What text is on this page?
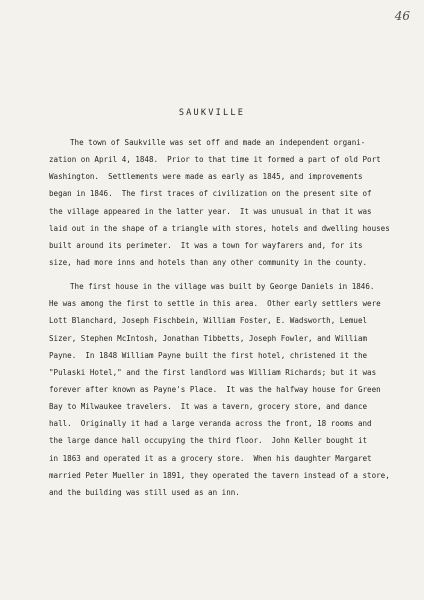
46
SAUKVILLE
The town of Saukville was set off and made an independent organi-
zation on April 4, 1848.  Prior to that time it formed a part of old Port
Washington.  Settlements were made as early as 1845, and improvements
began in 1846.  The first traces of civilization on the present site of
the village appeared in the latter year.  It was unusual in that it was
laid out in the shape of a triangle with stores, hotels and dwelling houses
built around its perimeter.  It was a town for wayfarers and, for its
size, had more inns and hotels than any other community in the county.
The first house in the village was built by George Daniels in 1846.
He was among the first to settle in this area.  Other early settlers were
Lott Blanchard, Joseph Fischbein, William Foster, E. Wadsworth, Lemuel
Sizer, Stephen McIntosh, Jonathan Tibbetts, Joseph Fowler, and William
Payne.  In 1848 William Payne built the first hotel, christened it the
"Pulaski Hotel," and the first landlord was William Richards; but it was
forever after known as Payne's Place.  It was the halfway house for Green
Bay to Milwaukee travelers.  It was a tavern, grocery store, and dance
hall.  Originally it had a large veranda across the front, 18 rooms and
the large dance hall occupying the third floor.  John Keller bought it
in 1863 and operated it as a grocery store.  When his daughter Margaret
married Peter Mueller in 1891, they operated the tavern instead of a store,
and the building was still used as an inn.
